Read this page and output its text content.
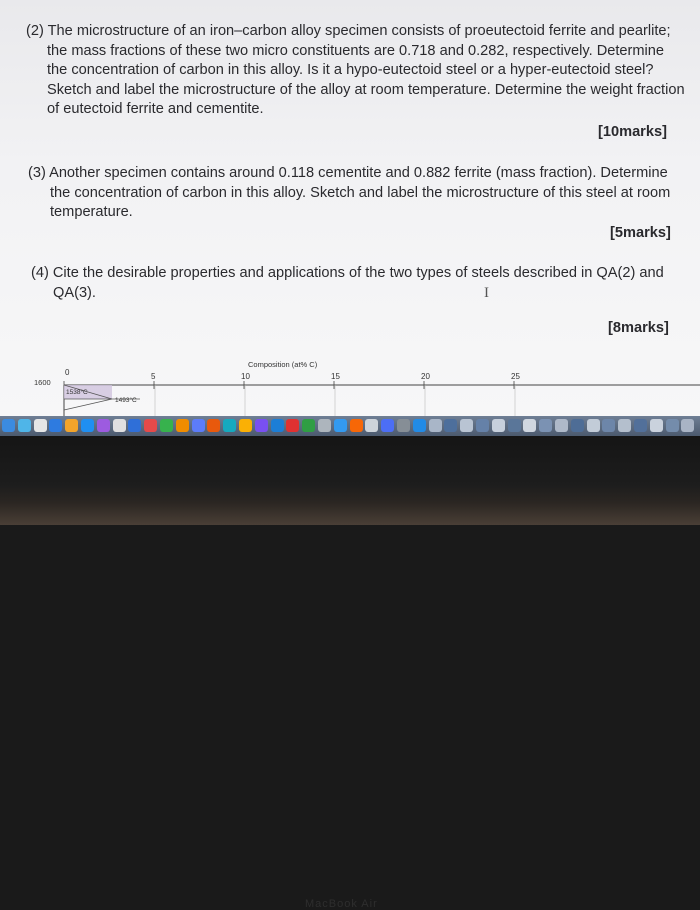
(2) The microstructure of an iron–carbon alloy specimen consists of proeutectoid ferrite and pearlite;
the mass fractions of these two micro constituents are 0.718 and 0.282, respectively. Determine
the concentration of carbon in this alloy. Is it a hypo-eutectoid steel or a hyper-eutectoid steel?
Sketch and label the microstructure of the alloy at room temperature. Determine the weight fraction
of eutectoid ferrite and cementite.
[10marks]
(3) Another specimen contains around 0.118 cementite and 0.882 ferrite (mass fraction). Determine
the concentration of carbon in this alloy. Sketch and label the microstructure of this steel at room
temperature.
[5marks]
(4) Cite the desirable properties and applications of the two types of steels described in QA(2) and
QA(3).
[8marks]
I
Composition (at% C)
0	5	10	15	20	25
1600
1538°C
1493°C
MacBook Air
